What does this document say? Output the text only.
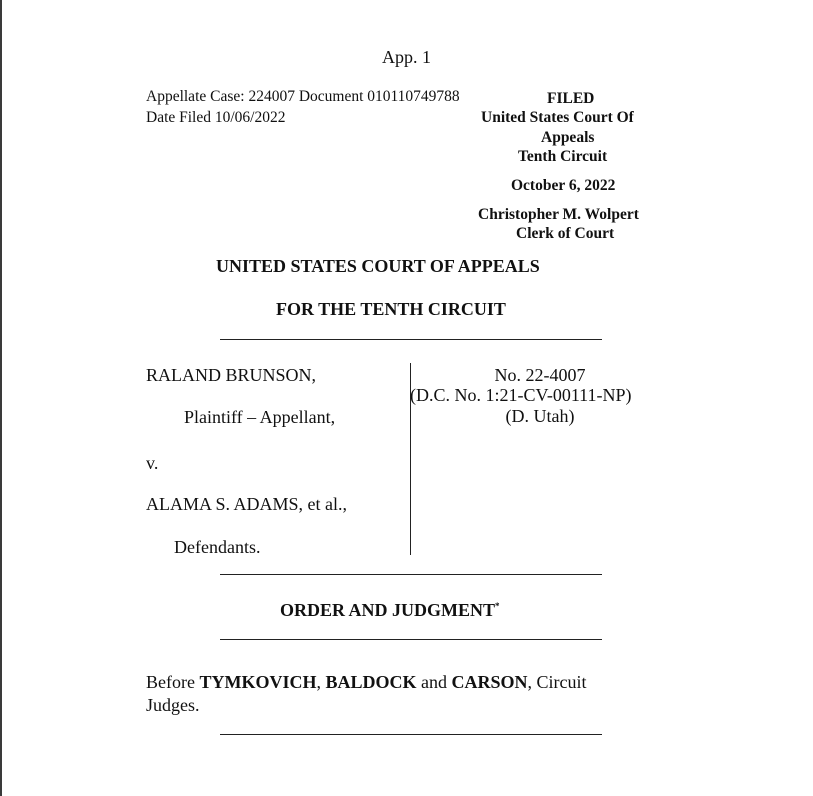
App. 1
Appellate Case: 224007 Document 010110749788
Date Filed 10/06/2022
FILED
United States Court Of
Appeals
Tenth Circuit
October 6, 2022
Christopher M. Wolpert
Clerk of Court
UNITED STATES COURT OF APPEALS
FOR THE TENTH CIRCUIT
RALAND BRUNSON,
Plaintiff – Appellant,
v.
ALAMA S. ADAMS, et al.,
Defendants.
No. 22-4007
(D.C. No. 1:21-CV-00111-NP)
(D. Utah)
ORDER AND JUDGMENT*
Before TYMKOVICH, BALDOCK and CARSON, Circuit
Judges.
